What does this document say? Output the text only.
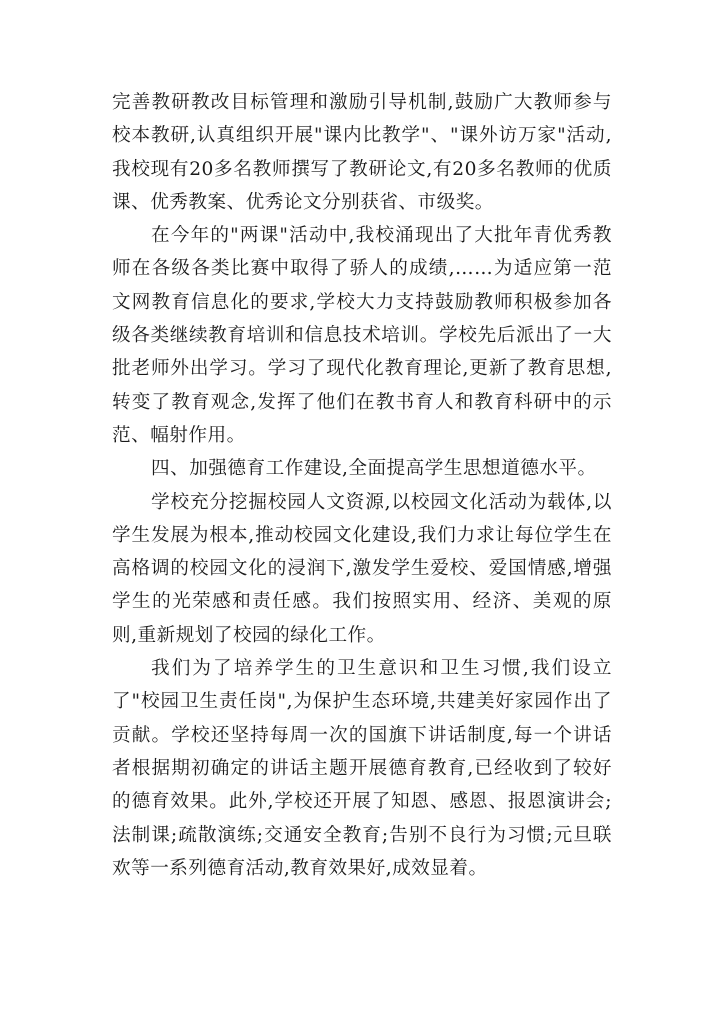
完善教研教改目标管理和激励引导机制,鼓励广大教师参与校本教研,认真组织开展"课内比教学"、"课外访万家"活动,我校现有20多名教师撰写了教研论文,有20多名教师的优质课、优秀教案、优秀论文分别获省、市级奖。

在今年的"两课"活动中,我校涌现出了大批年青优秀教师在各级各类比赛中取得了骄人的成绩,……为适应第一范文网教育信息化的要求,学校大力支持鼓励教师积极参加各级各类继续教育培训和信息技术培训。学校先后派出了一大批老师外出学习。学习了现代化教育理论,更新了教育思想,转变了教育观念,发挥了他们在教书育人和教育科研中的示范、幅射作用。

四、加强德育工作建设,全面提高学生思想道德水平。

学校充分挖掘校园人文资源,以校园文化活动为载体,以学生发展为根本,推动校园文化建设,我们力求让每位学生在高格调的校园文化的浸润下,激发学生爱校、爱国情感,增强学生的光荣感和责任感。我们按照实用、经济、美观的原则,重新规划了校园的绿化工作。

我们为了培养学生的卫生意识和卫生习惯,我们设立了"校园卫生责任岗",为保护生态环境,共建美好家园作出了贡献。学校还坚持每周一次的国旗下讲话制度,每一个讲话者根据期初确定的讲话主题开展德育教育,已经收到了较好的德育效果。此外,学校还开展了知恩、感恩、报恩演讲会;法制课;疏散演练;交通安全教育;告别不良行为习惯;元旦联欢等一系列德育活动,教育效果好,成效显着。
